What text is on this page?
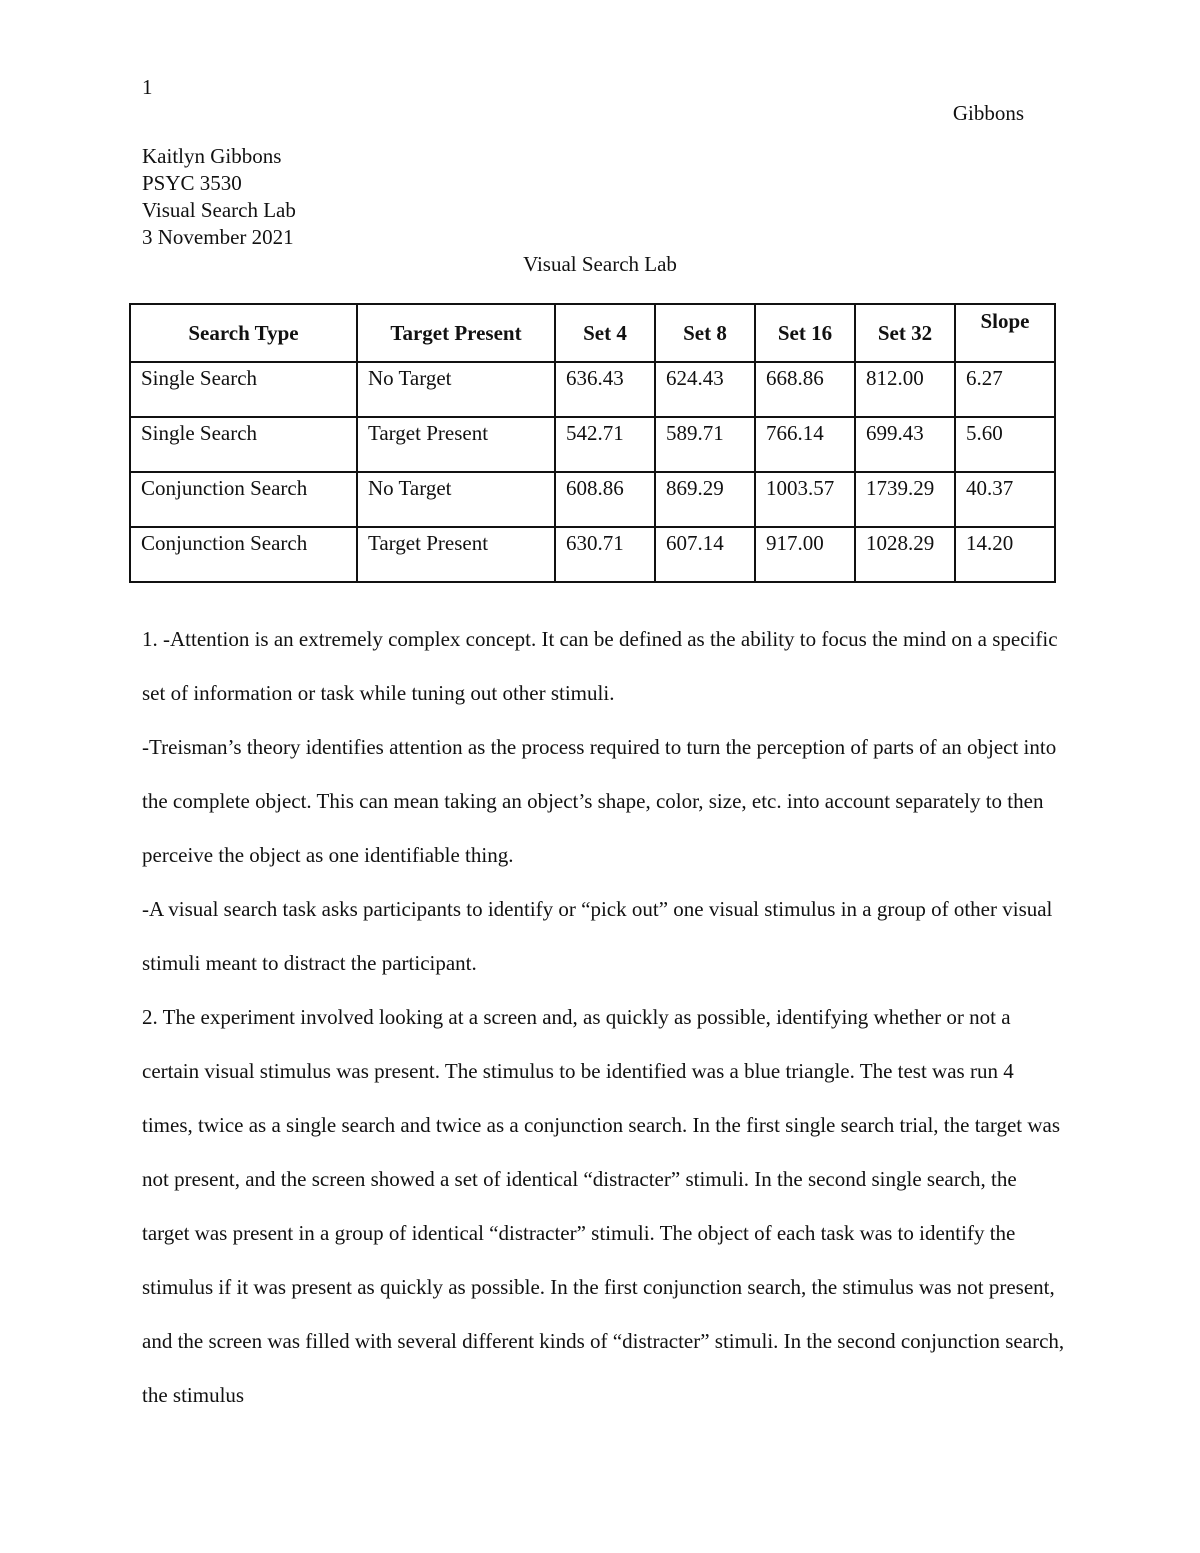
1
Gibbons
Kaitlyn Gibbons
PSYC 3530
Visual Search Lab
3 November 2021
Visual Search Lab
Search Type	Target Present	Set 4	Set 8	Set 16	Set 32	Slope
Single Search	No Target	636.43	624.43	668.86	812.00	6.27
Single Search	Target Present	542.71	589.71	766.14	699.43	5.60
Conjunction Search	No Target	608.86	869.29	1003.57	1739.29	40.37
Conjunction Search	Target Present	630.71	607.14	917.00	1028.29	14.20

1. -Attention is an extremely complex concept. It can be defined as the ability to focus the mind on a specific set of information or task while tuning out other stimuli.

-Treisman’s theory identifies attention as the process required to turn the perception of parts of an object into the complete object. This can mean taking an object’s shape, color, size, etc. into account separately to then perceive the object as one identifiable thing.

-A visual search task asks participants to identify or “pick out” one visual stimulus in a group of other visual stimuli meant to distract the participant.

2. The experiment involved looking at a screen and, as quickly as possible, identifying whether or not a certain visual stimulus was present. The stimulus to be identified was a blue triangle. The test was run 4 times, twice as a single search and twice as a conjunction search. In the first single search trial, the target was not present, and the screen showed a set of identical “distracter” stimuli. In the second single search, the target was present in a group of identical “distracter” stimuli. The object of each task was to identify the stimulus if it was present as quickly as possible. In the first conjunction search, the stimulus was not present, and the screen was filled with several different kinds of “distracter” stimuli. In the second conjunction search, the stimulus
